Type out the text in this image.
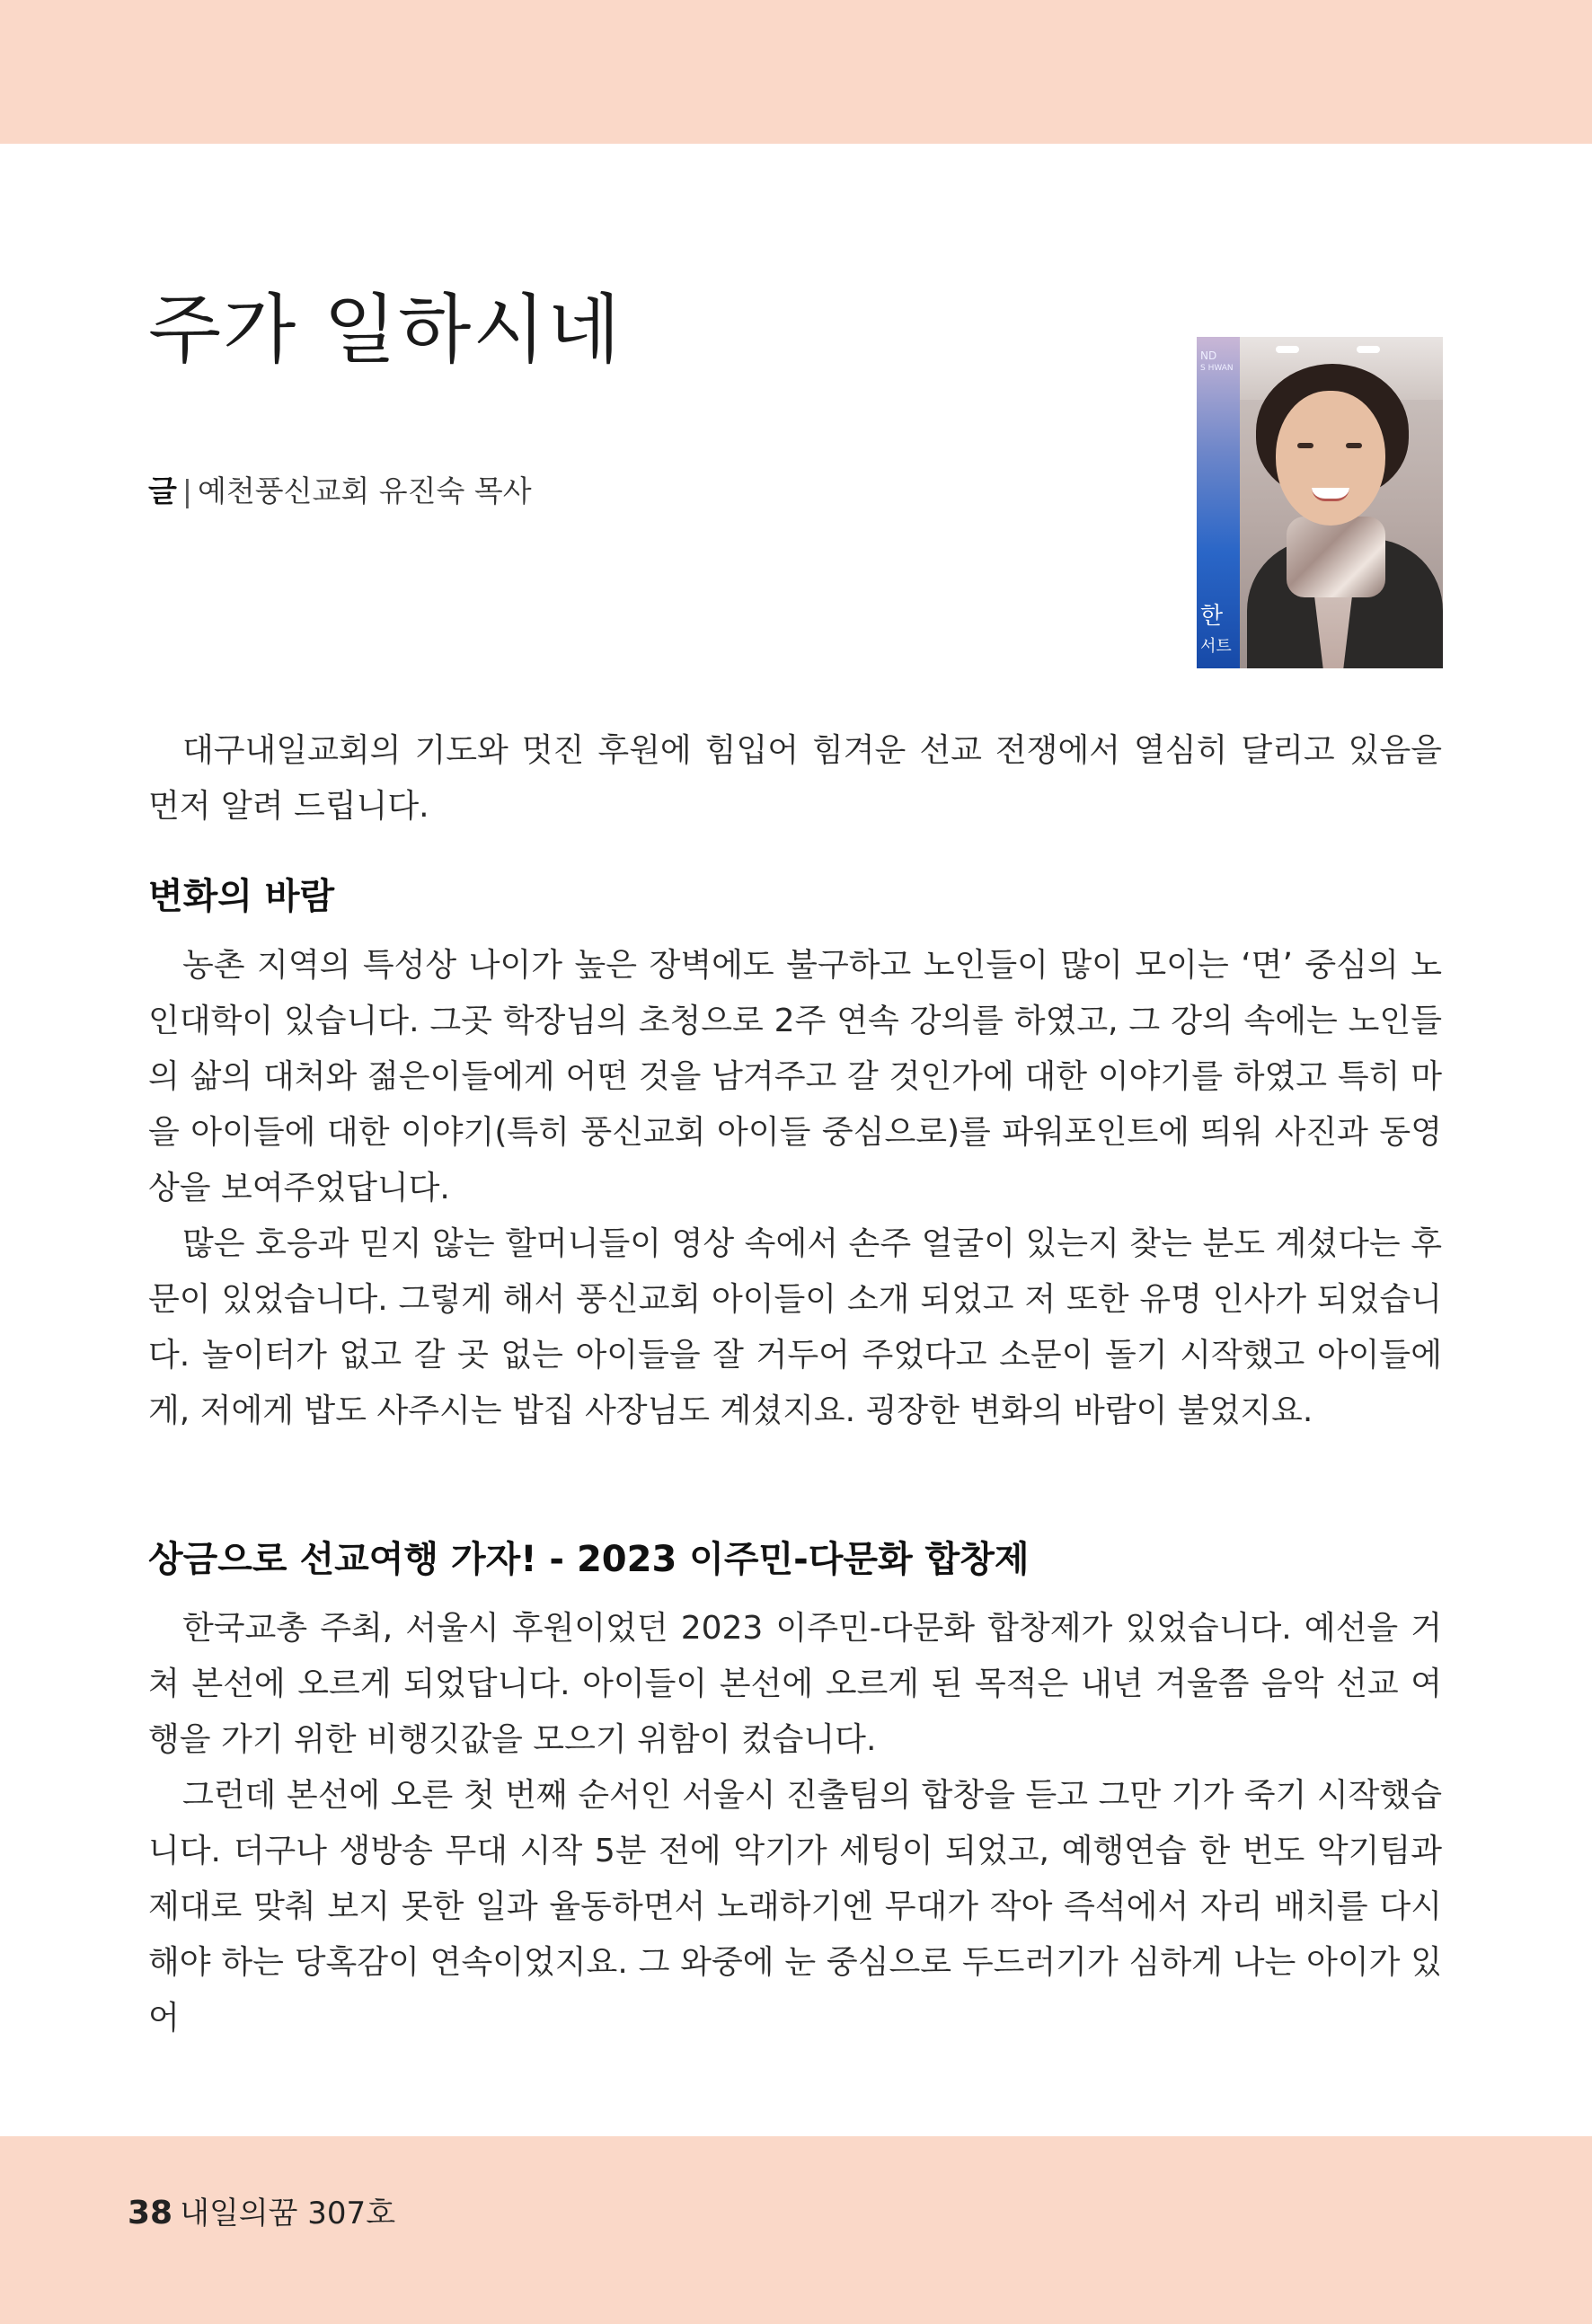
주가 일하시네
글 | 예천풍신교회 유진숙 목사
ND
S HWAN
한
서트

대구내일교회의 기도와 멋진 후원에 힘입어 힘겨운 선교 전쟁에서 열심히 달리고 있음을 먼저 알려 드립니다.

변화의 바람

농촌 지역의 특성상 나이가 높은 장벽에도 불구하고 노인들이 많이 모이는 ‘면’ 중심의 노인대학이 있습니다. 그곳 학장님의 초청으로 2주 연속 강의를 하였고, 그 강의 속에는 노인들의 삶의 대처와 젊은이들에게 어떤 것을 남겨주고 갈 것인가에 대한 이야기를 하였고 특히 마을 아이들에 대한 이야기(특히 풍신교회 아이들 중심으로)를 파워포인트에 띄워 사진과 동영상을 보여주었답니다.

많은 호응과 믿지 않는 할머니들이 영상 속에서 손주 얼굴이 있는지 찾는 분도 계셨다는 후문이 있었습니다. 그렇게 해서 풍신교회 아이들이 소개 되었고 저 또한 유명 인사가 되었습니다. 놀이터가 없고 갈 곳 없는 아이들을 잘 거두어 주었다고 소문이 돌기 시작했고 아이들에게, 저에게 밥도 사주시는 밥집 사장님도 계셨지요. 굉장한 변화의 바람이 불었지요.

상금으로 선교여행 가자! - 2023 이주민-다문화 합창제

한국교총 주최, 서울시 후원이었던 2023 이주민-다문화 합창제가 있었습니다. 예선을 거쳐 본선에 오르게 되었답니다. 아이들이 본선에 오르게 된 목적은 내년 겨울쯤 음악 선교 여행을 가기 위한 비행깃값을 모으기 위함이 컸습니다.

그런데 본선에 오른 첫 번째 순서인 서울시 진출팀의 합창을 듣고 그만 기가 죽기 시작했습니다. 더구나 생방송 무대 시작 5분 전에 악기가 세팅이 되었고, 예행연습 한 번도 악기팀과 제대로 맞춰 보지 못한 일과 율동하면서 노래하기엔 무대가 작아 즉석에서 자리 배치를 다시 해야 하는 당혹감이 연속이었지요. 그 와중에 눈 중심으로 두드러기가 심하게 나는 아이가 있어

38 내일의꿈 307호
